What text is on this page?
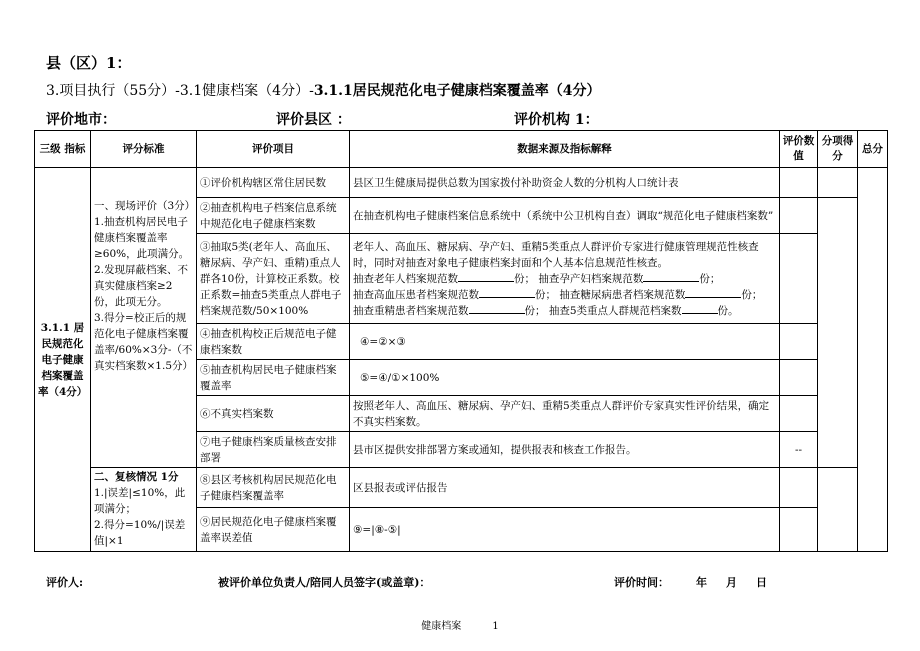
县（区）1：
3.项目执行（55分）-3.1健康档案（4分）-3.1.1居民规范化电子健康档案覆盖率（4分）
评价地市：	评价县区 ：	评价机构 1：
三级 指标	评分标准	评价项目	数据来源及指标解释	评价数值	分项得分	总分
3.1.1 居民规范化电子健康档案覆盖率（4分）	一、现场评价（3分）
1.抽查机构居民电子健康档案覆盖率≥60%，此项满分。
2.发现屏蔽档案、不真实健康档案≥2份，此项无分。
3.得分=校正后的规范化电子健康档案覆盖率/60%×3分-（不真实档案数×1.5分）	①评价机构辖区常住居民数	县区卫生健康局提供总数为国家拨付补助资金人数的分机构人口统计表			
		②抽查机构电子档案信息系统中规范化电子健康档案数	在抽查机构电子健康档案信息系统中（系统中公卫机构自查）调取“规范化电子健康档案数”			
		③抽取5类(老年人、高血压、糖尿病、孕产妇、重精)重点人群各10份，计算校正系数。校正系数=抽查5类重点人群电子档案规范数/50×100%	老年人、高血压、糖尿病、孕产妇、重精5类重点人群评价专家进行健康管理规范性核查时，同时对抽查对象电子健康档案封面和个人基本信息规范性核查。
抽查老年人档案规范数 份； 抽查孕产妇档案规范数 份；
抽查高血压患者档案规范数 份； 抽查糖尿病患者档案规范数 份；
抽查重精患者档案规范数 份； 抽查5类重点人群规范档案数 份。			

		④抽查机构校正后规范电子健康档案数	④=②×③			
		⑤抽查机构居民电子健康档案覆盖率	⑤=④/①×100%			
		⑥不真实档案数	按照老年人、高血压、糖尿病、孕产妇、重精5类重点人群评价专家真实性评价结果，确定不真实档案数。			
		⑦电子健康档案质量核查安排部署	县市区提供安排部署方案或通知，提供报表和核查工作报告。	--		

	二、复核情况 1分
1.|误差|≤10%，此项满分；
2.得分=10%/|误差值|×1	⑧县区考核机构居民规范化电子健康档案覆盖率	区县报表或评估报告			
		⑨居民规范化电子健康档案覆盖率误差值	⑨=|⑧-⑤|			
评价人:	被评价单位负责人/陪同人员签字(或盖章)：	评价时间： 年 月 日
健康档案	1
